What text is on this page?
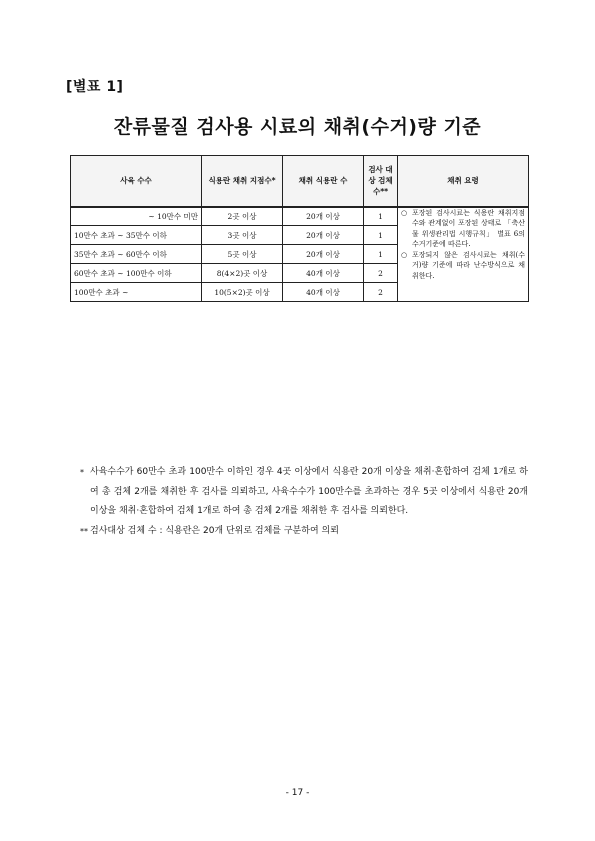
[별표 1]
잔류물질 검사용 시료의 채취(수거)량 기준
사육 수수	식용란 채취 지점수*	채취 식용란 수	검사 대상 검체 수**	채취 요령
~ 10만수 미만	2곳 이상	20개 이상	1	○ 포장된 검사시료는 식용란 채취지점 수와 관계없이 포장된 상태로 「축산물 위생관리법 시행규칙」 별표 6의 수거기준에 따른다.
○ 포장되지 않은 검사시료는 채취(수거)량 기준에 따라 난수방식으로 채취한다.

10만수 초과 ~ 35만수 이하	3곳 이상	20개 이상	1	
35만수 초과 ~ 60만수 이하	5곳 이상	20개 이상	1	
60만수 초과 ~ 100만수 이하	8(4×2)곳 이상	40개 이상	2	
100만수 초과 ~	10(5×2)곳 이상	40개 이상	2	
* 사육수수가 60만수 초과 100만수 이하인 경우 4곳 이상에서 식용란 20개 이상을 채취·혼합하여 검체 1개로 하여 총 검체 2개를 채취한 후 검사를 의뢰하고, 사육수수가 100만수를 초과하는 경우 5곳 이상에서 식용란 20개 이상을 채취·혼합하여 검체 1개로 하여 총 검체 2개를 채취한 후 검사를 의뢰한다.
** 검사대상 검체 수 : 식용란은 20개 단위로 검체를 구분하여 의뢰
- 17 -
